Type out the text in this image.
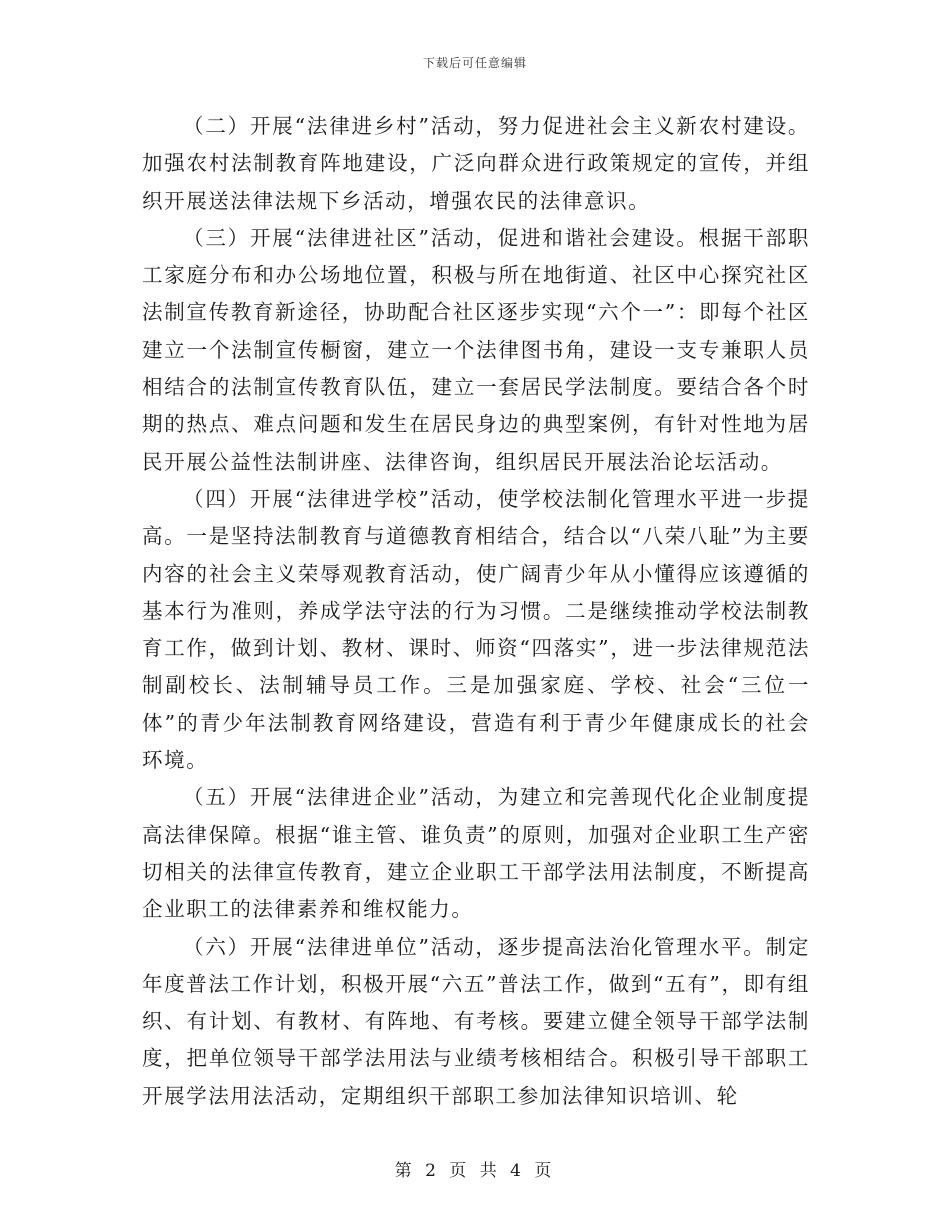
下载后可任意编辑

（二）开展“法律进乡村”活动，努力促进社会主义新农村建设。加强农村法制教育阵地建设，广泛向群众进行政策规定的宣传，并组织开展送法律法规下乡活动，增强农民的法律意识。

（三）开展“法律进社区”活动，促进和谐社会建设。根据干部职工家庭分布和办公场地位置，积极与所在地街道、社区中心探究社区法制宣传教育新途径，协助配合社区逐步实现“六个一”：即每个社区建立一个法制宣传橱窗，建立一个法律图书角，建设一支专兼职人员相结合的法制宣传教育队伍，建立一套居民学法制度。要结合各个时期的热点、难点问题和发生在居民身边的典型案例，有针对性地为居民开展公益性法制讲座、法律咨询，组织居民开展法治论坛活动。

（四）开展“法律进学校”活动，使学校法制化管理水平进一步提高。一是坚持法制教育与道德教育相结合，结合以“八荣八耻”为主要内容的社会主义荣辱观教育活动，使广阔青少年从小懂得应该遵循的基本行为准则，养成学法守法的行为习惯。二是继续推动学校法制教育工作，做到计划、教材、课时、师资“四落实”，进一步法律规范法制副校长、法制辅导员工作。三是加强家庭、学校、社会“三位一体”的青少年法制教育网络建设，营造有利于青少年健康成长的社会环境。

（五）开展“法律进企业”活动，为建立和完善现代化企业制度提高法律保障。根据“谁主管、谁负责”的原则，加强对企业职工生产密切相关的法律宣传教育，建立企业职工干部学法用法制度，不断提高企业职工的法律素养和维权能力。

（六）开展“法律进单位”活动，逐步提高法治化管理水平。制定年度普法工作计划，积极开展“六五”普法工作，做到“五有”，即有组织、有计划、有教材、有阵地、有考核。要建立健全领导干部学法制度，把单位领导干部学法用法与业绩考核相结合。积极引导干部职工开展学法用法活动，定期组织干部职工参加法律知识培训、轮

第 2 页 共 4 页
